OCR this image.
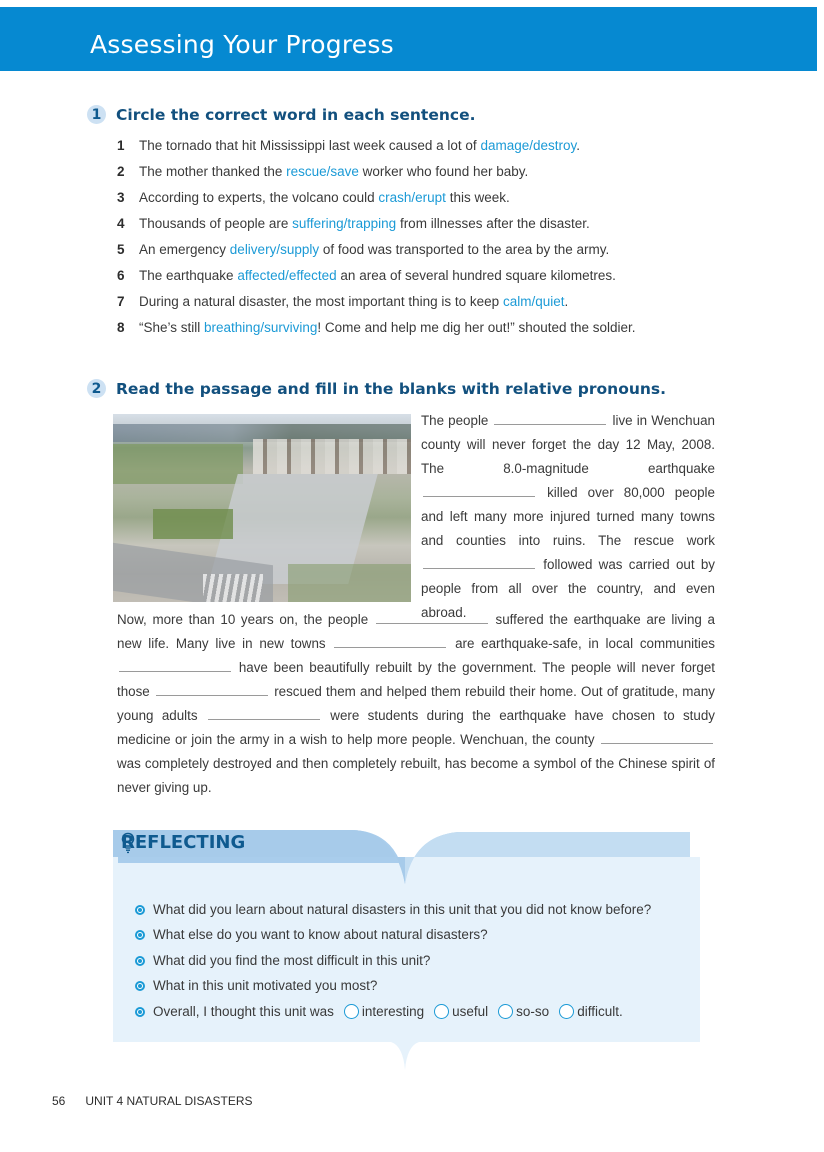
Assessing Your Progress
1 Circle the correct word in each sentence.
1 The tornado that hit Mississippi last week caused a lot of damage/destroy.
2 The mother thanked the rescue/save worker who found her baby.
3 According to experts, the volcano could crash/erupt this week.
4 Thousands of people are suffering/trapping from illnesses after the disaster.
5 An emergency delivery/supply of food was transported to the area by the army.
6 The earthquake affected/effected an area of several hundred square kilometres.
7 During a natural disaster, the most important thing is to keep calm/quiet.
8 “She’s still breathing/surviving! Come and help me dig her out!” shouted the soldier.
2 Read the passage and fill in the blanks with relative pronouns.
The people	live in Wenchuan county will never forget the day 12 May, 2008. The 8.0-magnitude earthquake  killed over 80,000 people and left many more injured turned many towns and counties into ruins. The rescue work  followed was carried out by people from all over the country, and even abroad.
Now, more than 10 years on, the people	suffered the earthquake are living a new life. Many live in new towns	are earthquake-safe, in local communities  have been beautifully rebuilt by the government. The people will never forget those	rescued them and helped them rebuild their home. Out of gratitude, many young adults	were students during the earthquake have chosen to study medicine or join the army in a wish to help more people. Wenchuan, the county  was completely destroyed and then completely rebuilt, has become a symbol of the Chinese spirit of never giving up.
REFLECTING
What did you learn about natural disasters in this unit that you did not know before?
What else do you want to know about natural disasters?
What did you find the most difficult in this unit?
What in this unit motivated you most?
Overall, I thought this unit was interesting useful so-so difficult.
56 UNIT 4 NATURAL DISASTERS
